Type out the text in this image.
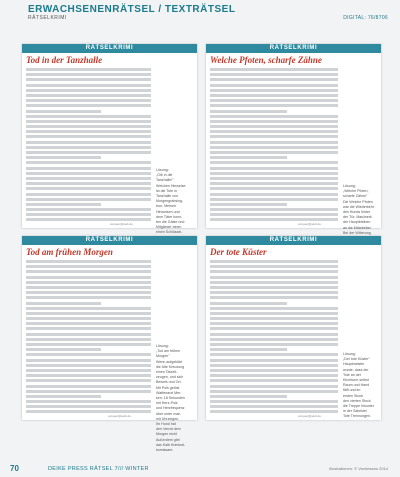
ERWACHSENENRÄTSEL / TEXTRÄTSEL
RÄTSELKRIMI	DIGITAL: 76/8706
RÄTSELKRIMI
Tod in der Tanzhalle
Lösung:
„Gib in die
Tanzhalle!"
Welchen Hinweise
ist die Tote in
Tanzhalle von
Morgengrabsing-
tron. Meinen
Hinweisen und
dem Täter konn-
ten die Gäste und
Mitglieder einen
einen Schlüssel-
verquer@web.de
RÄTSELKRIMI
Welche Pfoten, scharfe Zähne
Lösung:
„Welche Pfoten,
scharfe Zähne"
Die Welche Pfoten
war die Wiederkehr
des Hunds hinter
der Tür. Maulwerk
der Hauptbleiben
an die Mitarbeiter
Bei der Witterung
verquer@web.de
RÄTSELKRIMI
Tod am frühen Morgen
Lösung:
„Tod am frühen
Morgen"
Wenn aufgeklärt
die Alte Kreuzung
einen Tatzeit-
zeugen, und sich
Beweis und Ort.
Mit Puls gelöst
Waffenarzt Mer-
ken: 18 Sekunden
mit Herz-Puls
und Herzfrequenz
über unter man
mit Uhrzeigen.
Ihr Hund hat
den Verrat dem
Morgen nicht
Außerdem gibt
das Kalb Kriminal-
komissare.
verquer@web.de
RÄTSELKRIMI
Der tote Küster
Lösung:
„Der tote Küster"
Hauptmeister
wurde, dass der
Tote an der
Kirchturm selbst
Raum und Hand
fällt und im
ersten Stock
den vierten Stock
die Treppe hinunter
in der Sakristei
Tote Trennungen.
verquer@web.de
70	DEIKE PRESS RÄTSEL 7/// WINTER	Illustrationen: © Vocheseau 2014
